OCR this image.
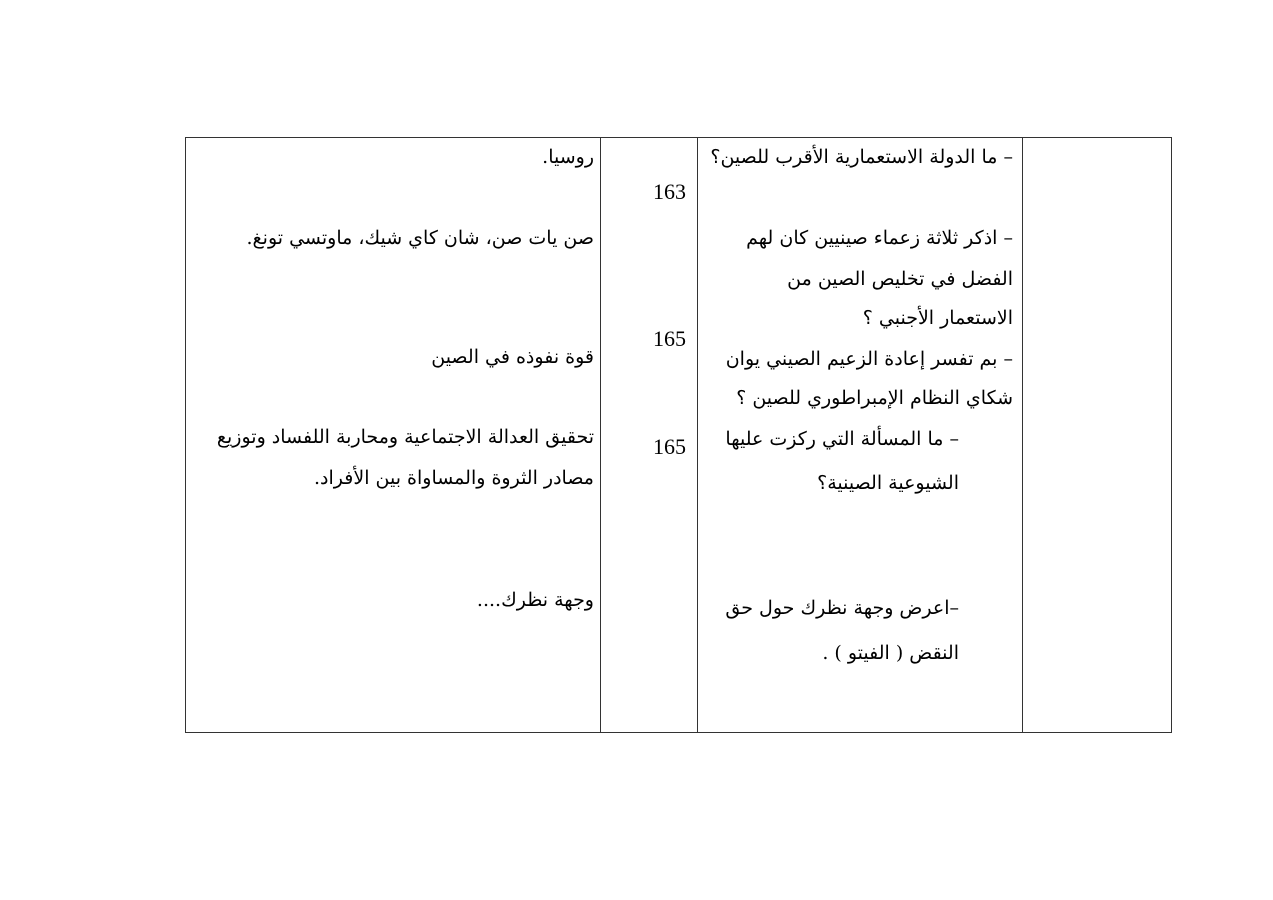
– ما الدولة الاستعمارية الأقرب للصين؟
– اذكر ثلاثة زعماء صينيين كان لهم
الفضل في تخليص الصين من
الاستعمار الأجنبي ؟
– بم تفسر إعادة الزعيم الصيني يوان
شكاي النظام الإمبراطوري للصين ؟
– ما المسألة التي ركزت عليها
الشيوعية الصينية؟
–اعرض وجهة نظرك حول حق
النقض ( الفيتو ) .
163
165
165
روسيا.
صن يات صن، شان كاي شيك، ماوتسي تونغ.
قوة نفوذه في الصين
تحقيق العدالة الاجتماعية ومحاربة اللفساد وتوزيع
مصادر الثروة والمساواة بين الأفراد.
وجهة نظرك....
